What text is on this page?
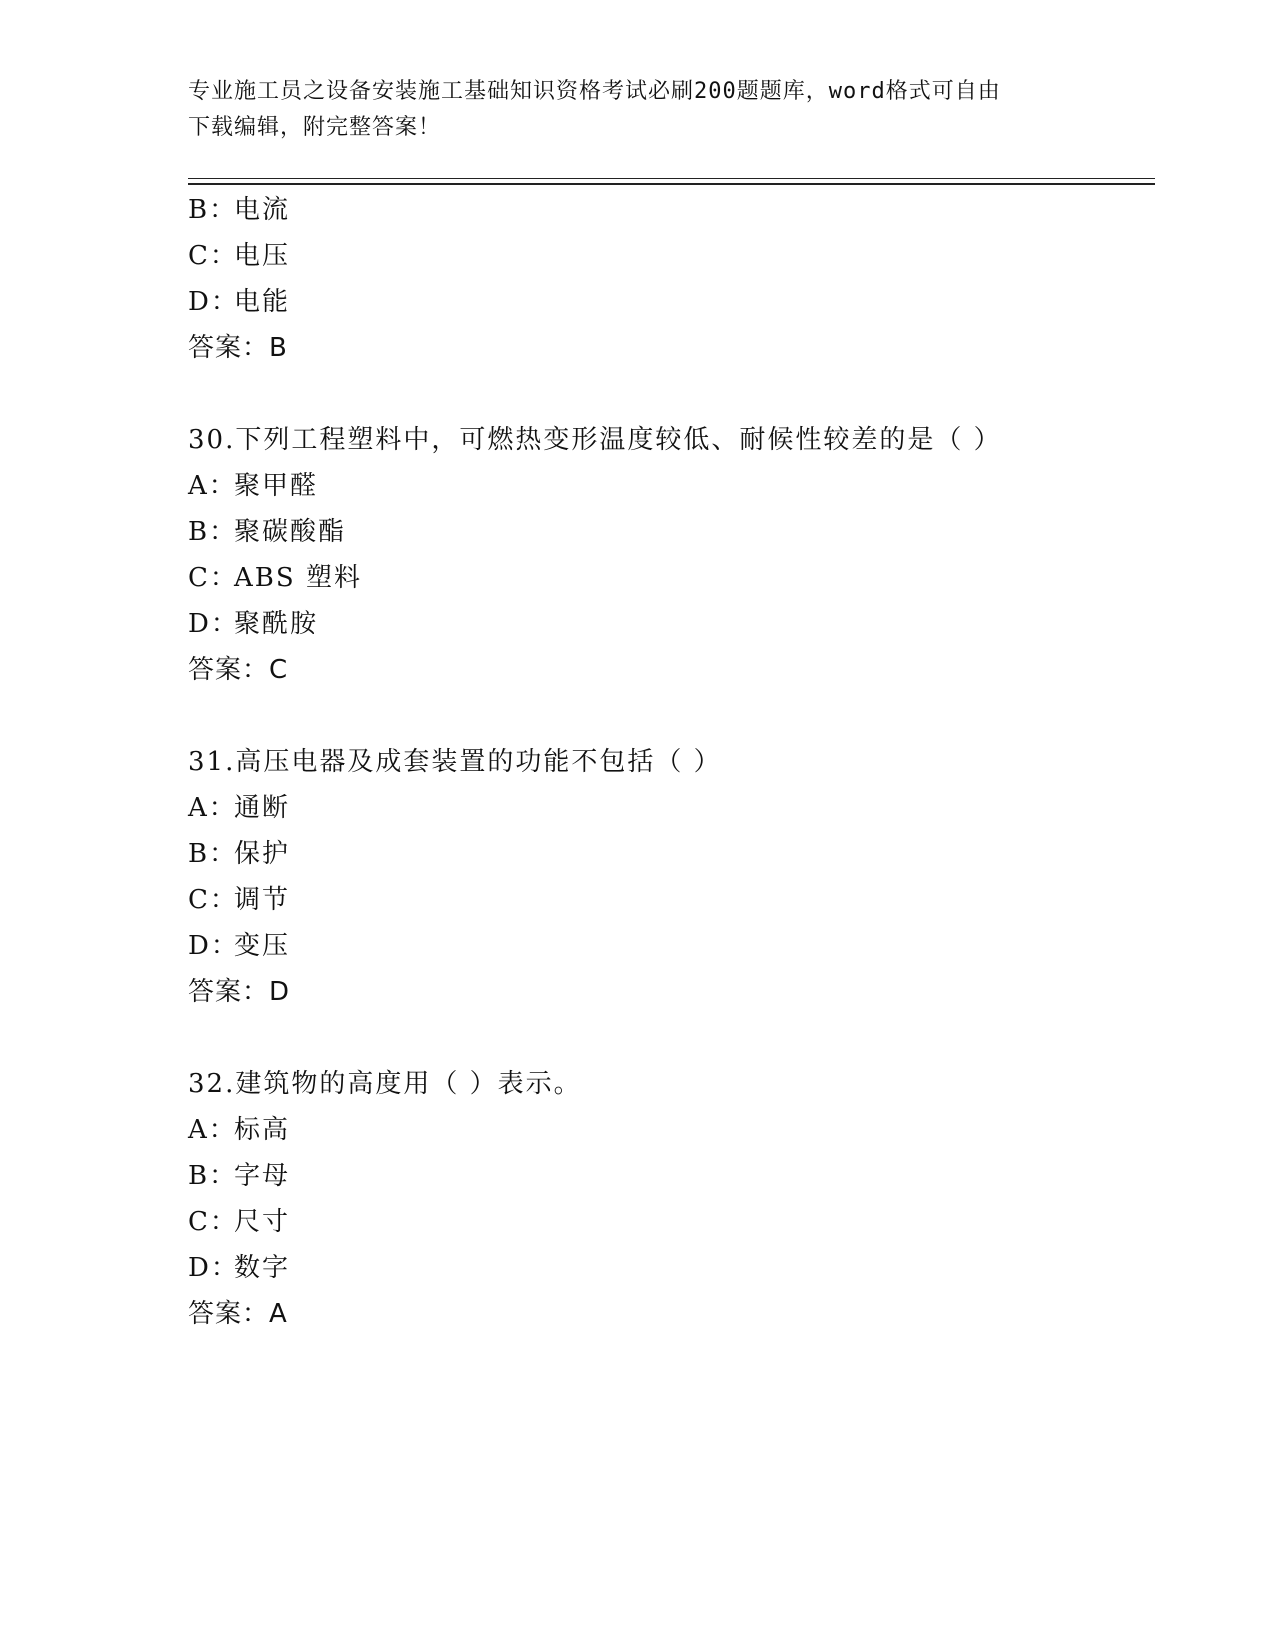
专业施工员之设备安装施工基础知识资格考试必刷200题题库，word格式可自由
下载编辑，附完整答案！
B：电流
C：电压
D：电能
答案：B
30.下列工程塑料中，可燃热变形温度较低、耐候性较差的是（ ）
A：聚甲醛
B：聚碳酸酯
C：ABS 塑料
D：聚酰胺
答案：C
31.高压电器及成套装置的功能不包括（ ）
A：通断
B：保护
C：调节
D：变压
答案：D
32.建筑物的高度用（ ）表示。
A：标高
B：字母
C：尺寸
D：数字
答案：A
